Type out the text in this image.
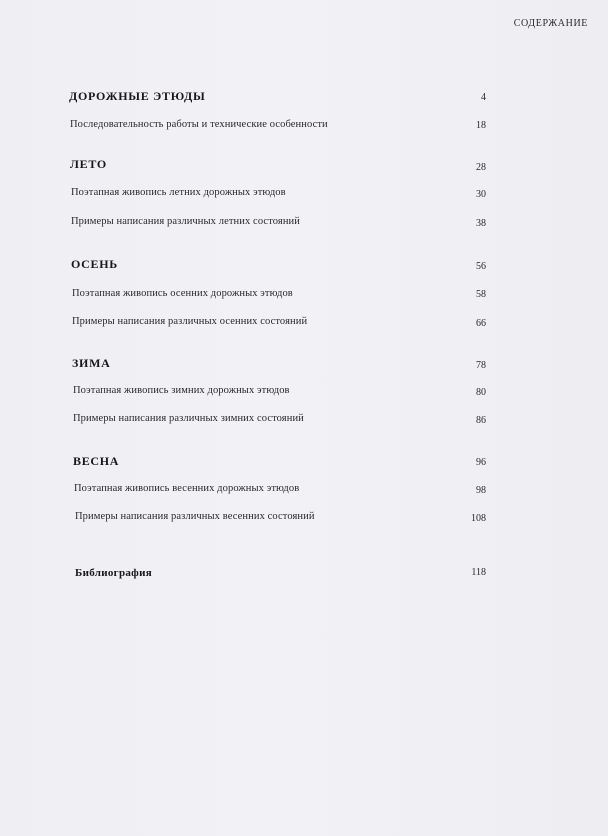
СОДЕРЖАНИЕ
ДОРОЖНЫЕ ЭТЮДЫ	4
Последовательность работы и технические особенности	18
ЛЕТО	28
Поэтапная живопись летних дорожных этюдов	30
Примеры написания различных летних состояний	38
ОСЕНЬ	56
Поэтапная живопись осенних дорожных этюдов	58
Примеры написания различных осенних состояний	66
ЗИМА	78
Поэтапная живопись зимних дорожных этюдов	80
Примеры написания различных зимних состояний	86
ВЕСНА	96
Поэтапная живопись весенних дорожных этюдов	98
Примеры написания различных весенних состояний	108
Библиография	118
